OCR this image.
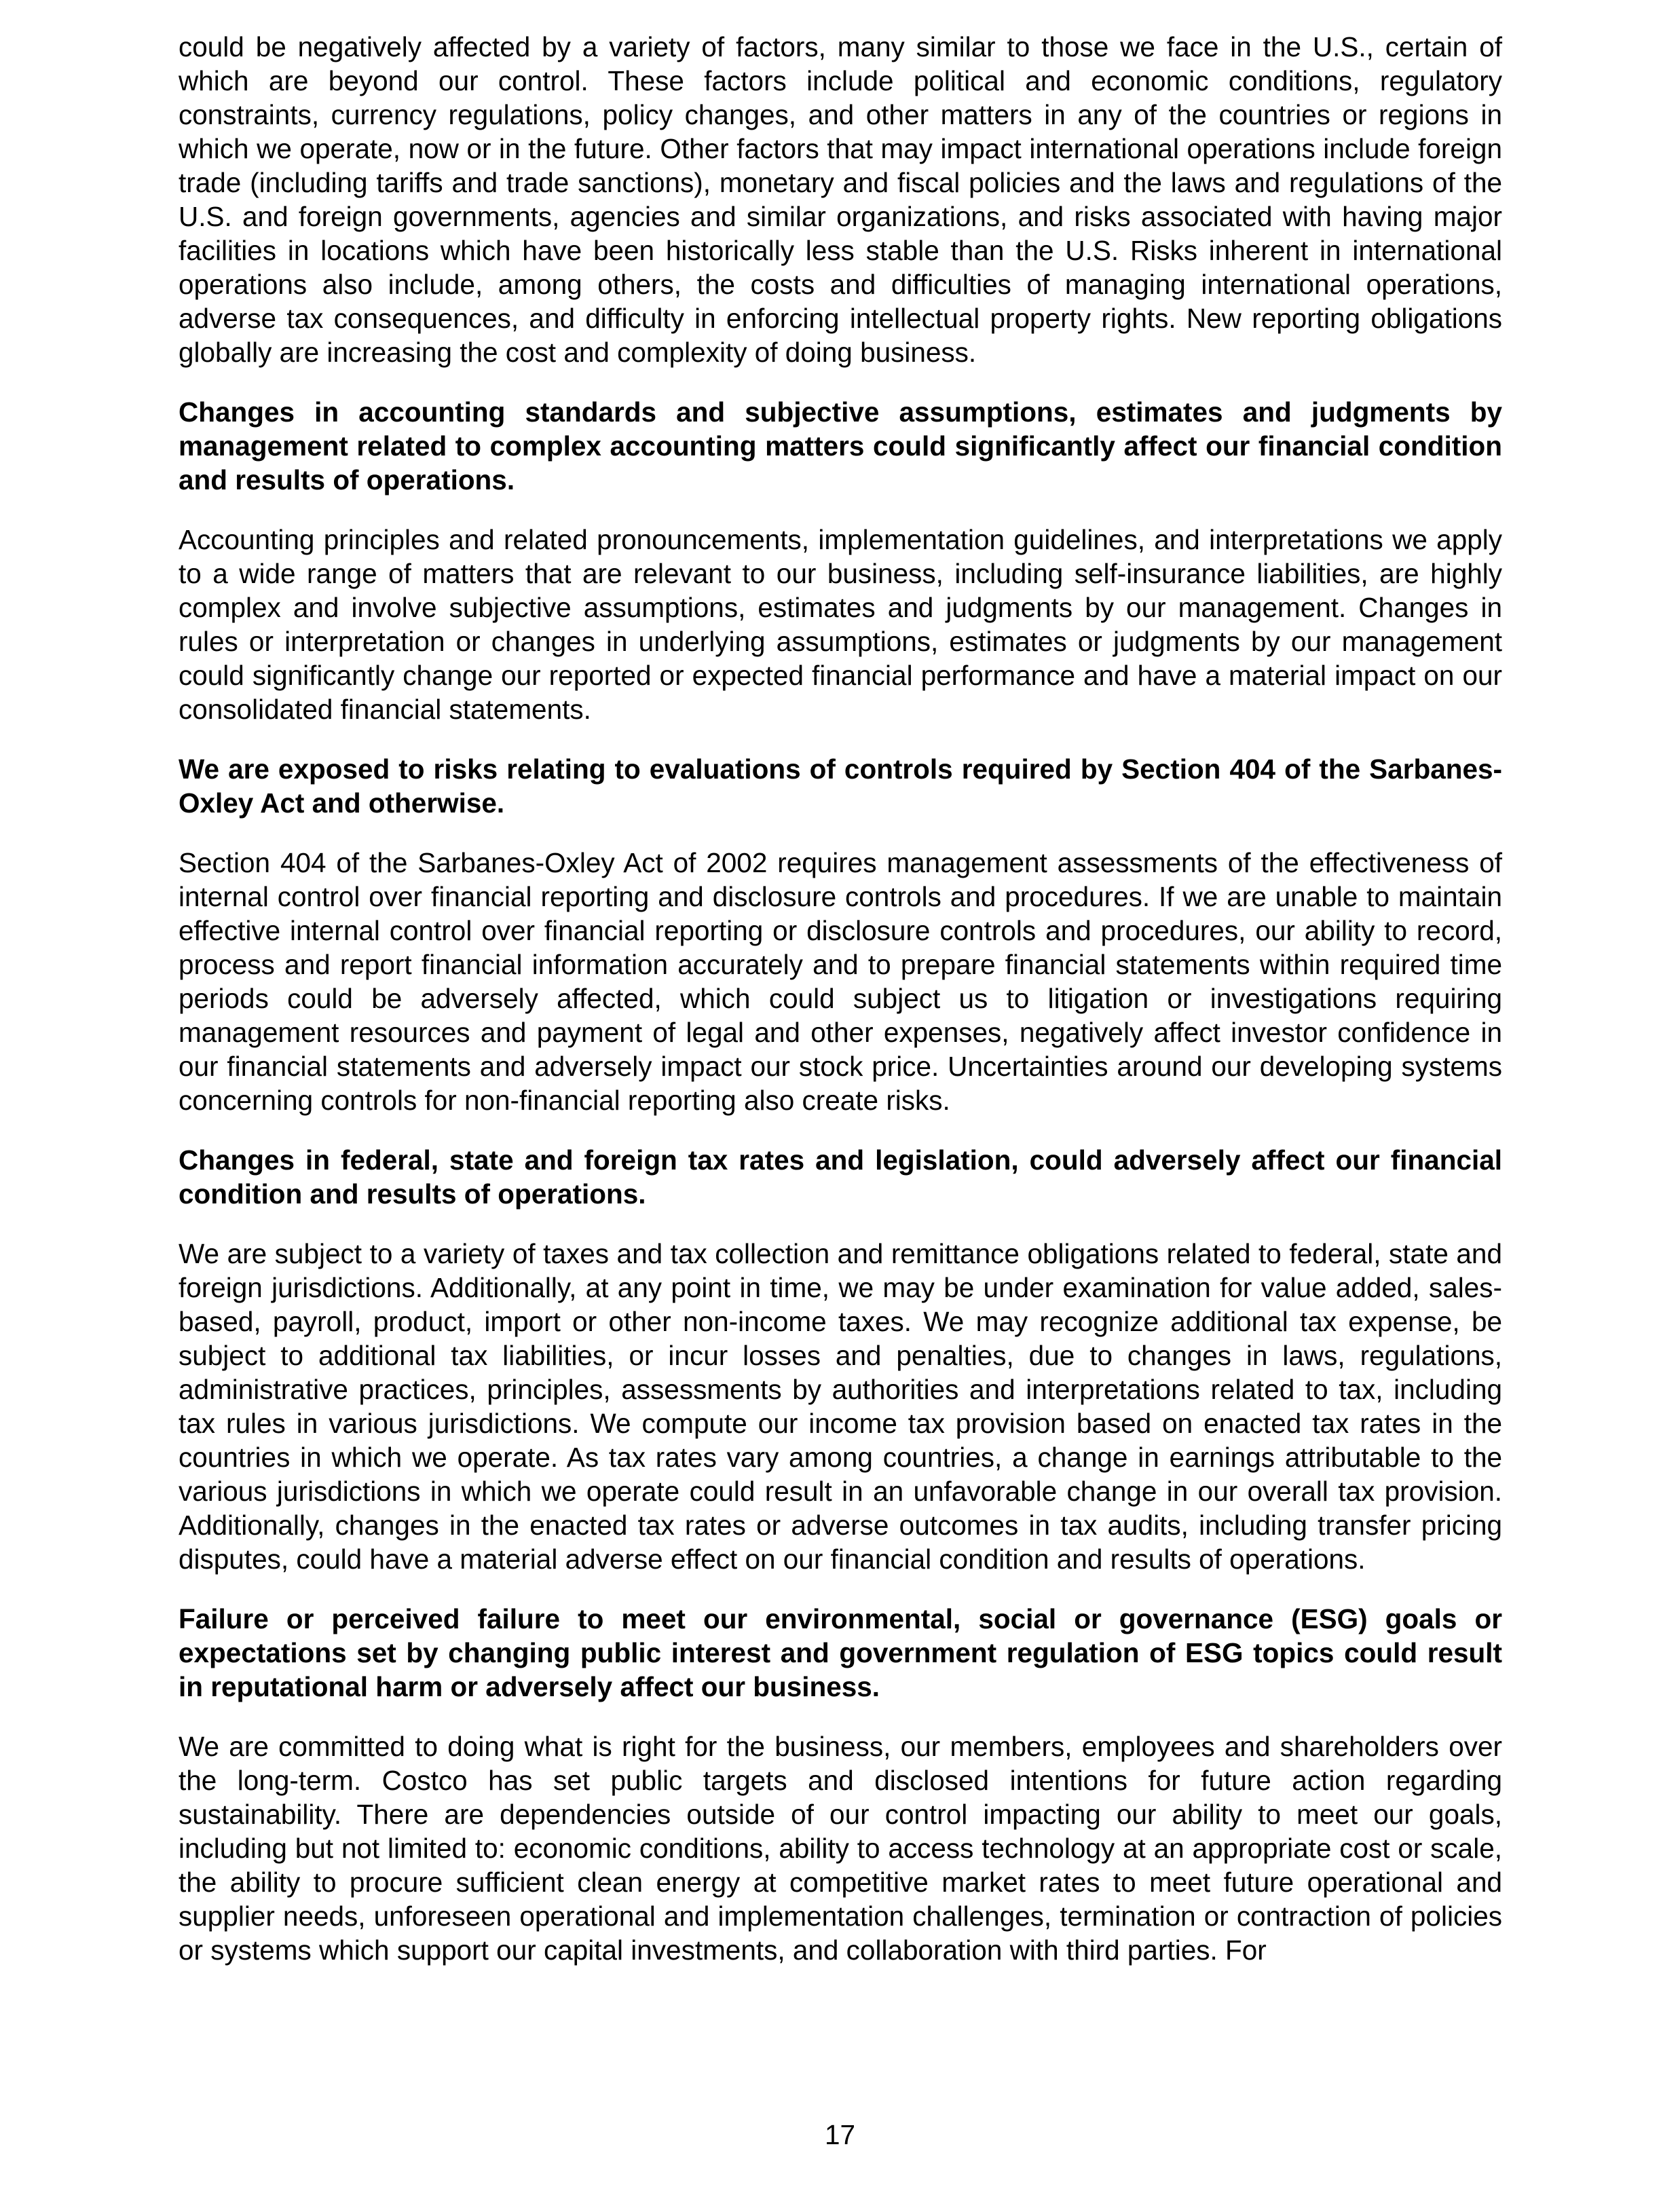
could be negatively affected by a variety of factors, many similar to those we face in the U.S., certain of which are beyond our control. These factors include political and economic conditions, regulatory constraints, currency regulations, policy changes, and other matters in any of the countries or regions in which we operate, now or in the future. Other factors that may impact international operations include foreign trade (including tariffs and trade sanctions), monetary and fiscal policies and the laws and regulations of the U.S. and foreign governments, agencies and similar organizations, and risks associated with having major facilities in locations which have been historically less stable than the U.S. Risks inherent in international operations also include, among others, the costs and difficulties of managing international operations, adverse tax consequences, and difficulty in enforcing intellectual property rights. New reporting obligations globally are increasing the cost and complexity of doing business.

Changes in accounting standards and subjective assumptions, estimates and judgments by management related to complex accounting matters could significantly affect our financial condition and results of operations.

Accounting principles and related pronouncements, implementation guidelines, and interpretations we apply to a wide range of matters that are relevant to our business, including self-insurance liabilities, are highly complex and involve subjective assumptions, estimates and judgments by our management. Changes in rules or interpretation or changes in underlying assumptions, estimates or judgments by our management could significantly change our reported or expected financial performance and have a material impact on our consolidated financial statements.

We are exposed to risks relating to evaluations of controls required by Section 404 of the Sarbanes-Oxley Act and otherwise.

Section 404 of the Sarbanes-Oxley Act of 2002 requires management assessments of the effectiveness of internal control over financial reporting and disclosure controls and procedures. If we are unable to maintain effective internal control over financial reporting or disclosure controls and procedures, our ability to record, process and report financial information accurately and to prepare financial statements within required time periods could be adversely affected, which could subject us to litigation or investigations requiring management resources and payment of legal and other expenses, negatively affect investor confidence in our financial statements and adversely impact our stock price. Uncertainties around our developing systems concerning controls for non-financial reporting also create risks.

Changes in federal, state and foreign tax rates and legislation, could adversely affect our financial condition and results of operations.

We are subject to a variety of taxes and tax collection and remittance obligations related to federal, state and foreign jurisdictions. Additionally, at any point in time, we may be under examination for value added, sales-based, payroll, product, import or other non-income taxes. We may recognize additional tax expense, be subject to additional tax liabilities, or incur losses and penalties, due to changes in laws, regulations, administrative practices, principles, assessments by authorities and interpretations related to tax, including tax rules in various jurisdictions. We compute our income tax provision based on enacted tax rates in the countries in which we operate. As tax rates vary among countries, a change in earnings attributable to the various jurisdictions in which we operate could result in an unfavorable change in our overall tax provision. Additionally, changes in the enacted tax rates or adverse outcomes in tax audits, including transfer pricing disputes, could have a material adverse effect on our financial condition and results of operations.

Failure or perceived failure to meet our environmental, social or governance (ESG) goals or expectations set by changing public interest and government regulation of ESG topics could result in reputational harm or adversely affect our business.

We are committed to doing what is right for the business, our members, employees and shareholders over the long-term. Costco has set public targets and disclosed intentions for future action regarding sustainability. There are dependencies outside of our control impacting our ability to meet our goals, including but not limited to: economic conditions, ability to access technology at an appropriate cost or scale, the ability to procure sufficient clean energy at competitive market rates to meet future operational and supplier needs, unforeseen operational and implementation challenges, termination or contraction of policies or systems which support our capital investments, and collaboration with third parties. For

17
